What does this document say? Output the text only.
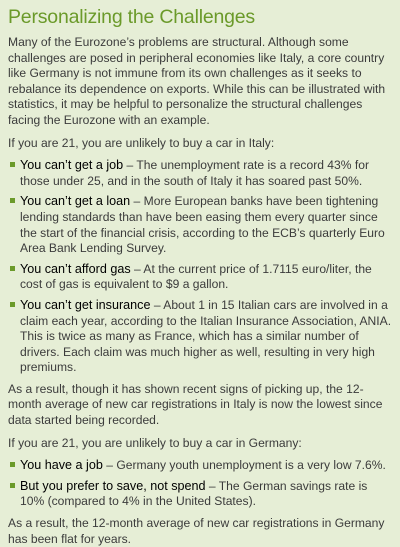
Personalizing the Challenges

Many of the Eurozone’s problems are structural. Although some challenges are posed in peripheral economies like Italy, a core country like Germany is not immune from its own challenges as it seeks to rebalance its dependence on exports. While this can be illustrated with statistics, it may be helpful to personalize the structural challenges facing the Eurozone with an example.

If you are 21, you are unlikely to buy a car in Italy:

You can’t get a job – The unemployment rate is a record 43% for those under 25, and in the south of Italy it has soared past 50%.
You can’t get a loan – More European banks have been tightening lending standards than have been easing them every quarter since the start of the financial crisis, according to the ECB’s quarterly Euro Area Bank Lending Survey.
You can’t afford gas – At the current price of 1.7115 euro/liter, the cost of gas is equivalent to $9 a gallon.
You can’t get insurance – About 1 in 15 Italian cars are involved in a claim each year, according to the Italian Insurance Association, ANIA. This is twice as many as France, which has a similar number of drivers. Each claim was much higher as well, resulting in very high premiums.

As a result, though it has shown recent signs of picking up, the 12-month average of new car registrations in Italy is now the lowest since data started being recorded.

If you are 21, you are unlikely to buy a car in Germany:

You have a job – Germany youth unemployment is a very low 7.6%.
But you prefer to save, not spend – The German savings rate is 10% (compared to 4% in the United States).

As a result, the 12-month average of new car registrations in Germany has been flat for years.
